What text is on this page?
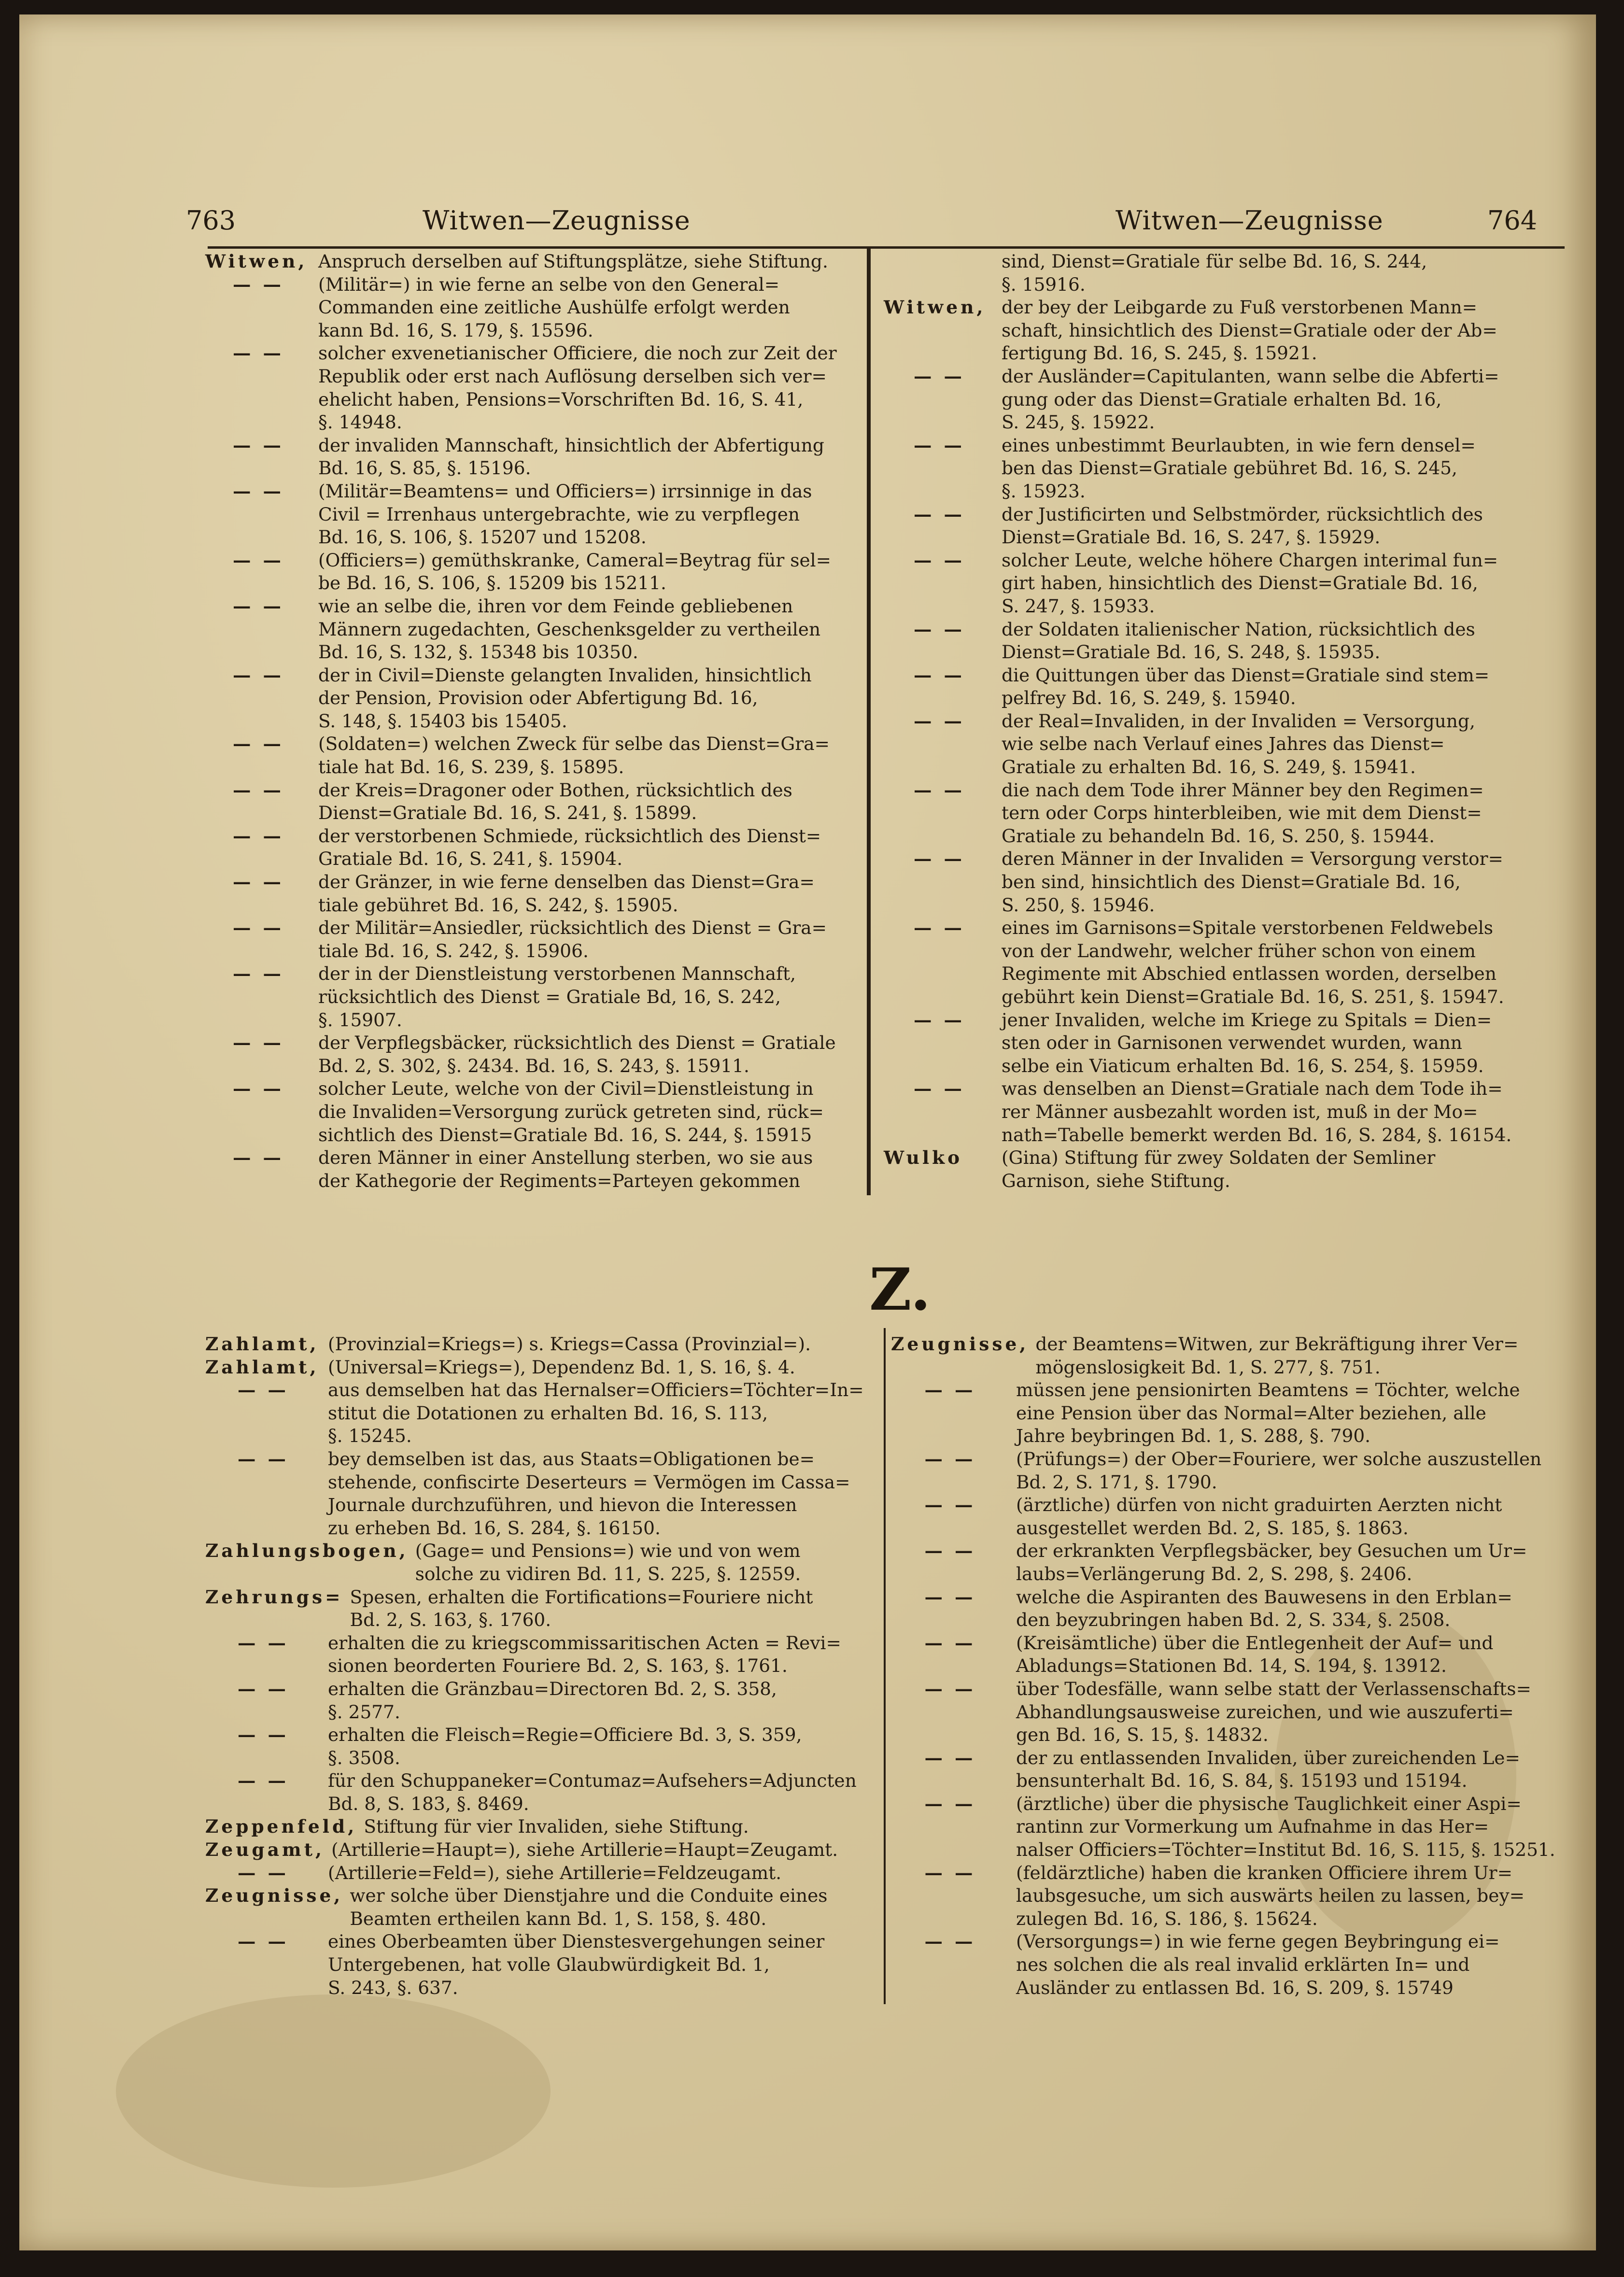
763	Witwen—Zeugnisse	Witwen—Zeugnisse	764
Witwen, Anspruch derselben auf Stiftungsplätze, siehe Stiftung.
— —	(Militär=) in wie ferne an selbe von den General=
Commanden eine zeitliche Aushülfe erfolgt werden
kann Bd. 16, S. 179, §. 15596.
— —	solcher exvenetianischer Officiere, die noch zur Zeit der
Republik oder erst nach Auflösung derselben sich ver=
ehelicht haben, Pensions=Vorschriften Bd. 16, S. 41,
§. 14948.
— —	der invaliden Mannschaft, hinsichtlich der Abfertigung
Bd. 16, S. 85, §. 15196.
— —	(Militär=Beamtens= und Officiers=) irrsinnige in das
Civil = Irrenhaus untergebrachte, wie zu verpflegen
Bd. 16, S. 106, §. 15207 und 15208.
— —	(Officiers=) gemüthskranke, Cameral=Beytrag für sel=
be Bd. 16, S. 106, §. 15209 bis 15211.
— —	wie an selbe die, ihren vor dem Feinde gebliebenen
Männern zugedachten, Geschenksgelder zu vertheilen
Bd. 16, S. 132, §. 15348 bis 10350.
— —	der in Civil=Dienste gelangten Invaliden, hinsichtlich
der Pension, Provision oder Abfertigung Bd. 16,
S. 148, §. 15403 bis 15405.
— —	(Soldaten=) welchen Zweck für selbe das Dienst=Gra=
tiale hat Bd. 16, S. 239, §. 15895.
— —	der Kreis=Dragoner oder Bothen, rücksichtlich des
Dienst=Gratiale Bd. 16, S. 241, §. 15899.
— —	der verstorbenen Schmiede, rücksichtlich des Dienst=
Gratiale Bd. 16, S. 241, §. 15904.
— —	der Gränzer, in wie ferne denselben das Dienst=Gra=
tiale gebühret Bd. 16, S. 242, §. 15905.
— —	der Militär=Ansiedler, rücksichtlich des Dienst = Gra=
tiale Bd. 16, S. 242, §. 15906.
— —	der in der Dienstleistung verstorbenen Mannschaft,
rücksichtlich des Dienst = Gratiale Bd, 16, S. 242,
§. 15907.
— —	der Verpflegsbäcker, rücksichtlich des Dienst = Gratiale
Bd. 2, S. 302, §. 2434. Bd. 16, S. 243, §. 15911.
— —	solcher Leute, welche von der Civil=Dienstleistung in
die Invaliden=Versorgung zurück getreten sind, rück=
sichtlich des Dienst=Gratiale Bd. 16, S. 244, §. 15915
— —	deren Männer in einer Anstellung sterben, wo sie aus
der Kathegorie der Regiments=Parteyen gekommen
sind, Dienst=Gratiale für selbe Bd. 16, S. 244,
§. 15916.
Witwen, der bey der Leibgarde zu Fuß verstorbenen Mann=
schaft, hinsichtlich des Dienst=Gratiale oder der Ab=
fertigung Bd. 16, S. 245, §. 15921.
— —	der Ausländer=Capitulanten, wann selbe die Abferti=
gung oder das Dienst=Gratiale erhalten Bd. 16,
S. 245, §. 15922.
— —	eines unbestimmt Beurlaubten, in wie fern densel=
ben das Dienst=Gratiale gebühret Bd. 16, S. 245,
§. 15923.
— —	der Justificirten und Selbstmörder, rücksichtlich des
Dienst=Gratiale Bd. 16, S. 247, §. 15929.
— —	solcher Leute, welche höhere Chargen interimal fun=
girt haben, hinsichtlich des Dienst=Gratiale Bd. 16,
S. 247, §. 15933.
— —	der Soldaten italienischer Nation, rücksichtlich des
Dienst=Gratiale Bd. 16, S. 248, §. 15935.
— —	die Quittungen über das Dienst=Gratiale sind stem=
pelfrey Bd. 16, S. 249, §. 15940.
— —	der Real=Invaliden, in der Invaliden = Versorgung,
wie selbe nach Verlauf eines Jahres das Dienst=
Gratiale zu erhalten Bd. 16, S. 249, §. 15941.
— —	die nach dem Tode ihrer Männer bey den Regimen=
tern oder Corps hinterbleiben, wie mit dem Dienst=
Gratiale zu behandeln Bd. 16, S. 250, §. 15944.
— —	deren Männer in der Invaliden = Versorgung verstor=
ben sind, hinsichtlich des Dienst=Gratiale Bd. 16,
S. 250, §. 15946.
— —	eines im Garnisons=Spitale verstorbenen Feldwebels
von der Landwehr, welcher früher schon von einem
Regimente mit Abschied entlassen worden, derselben
gebührt kein Dienst=Gratiale Bd. 16, S. 251, §. 15947.
— —	jener Invaliden, welche im Kriege zu Spitals = Dien=
sten oder in Garnisonen verwendet wurden, wann
selbe ein Viaticum erhalten Bd. 16, S. 254, §. 15959.
— —	was denselben an Dienst=Gratiale nach dem Tode ih=
rer Männer ausbezahlt worden ist, muß in der Mo=
nath=Tabelle bemerkt werden Bd. 16, S. 284, §. 16154.
Wulko	(Gina) Stiftung für zwey Soldaten der Semliner
Garnison, siehe Stiftung.
Z.
Zahlamt, (Provinzial=Kriegs=) s. Kriegs=Cassa (Provinzial=).
Zahlamt, (Universal=Kriegs=), Dependenz Bd. 1, S. 16, §. 4.
— —	aus demselben hat das Hernalser=Officiers=Töchter=In=
stitut die Dotationen zu erhalten Bd. 16, S. 113,
§. 15245.
— —	bey demselben ist das, aus Staats=Obligationen be=
stehende, confiscirte Deserteurs = Vermögen im Cassa=
Journale durchzuführen, und hievon die Interessen
zu erheben Bd. 16, S. 284, §. 16150.
Zahlungsbogen, (Gage= und Pensions=) wie und von wem
solche zu vidiren Bd. 11, S. 225, §. 12559.
Zehrungs= Spesen, erhalten die Fortifications=Fouriere nicht
Bd. 2, S. 163, §. 1760.
— —	erhalten die zu kriegscommissaritischen Acten = Revi=
sionen beorderten Fouriere Bd. 2, S. 163, §. 1761.
— —	erhalten die Gränzbau=Directoren Bd. 2, S. 358,
§. 2577.
— —	erhalten die Fleisch=Regie=Officiere Bd. 3, S. 359,
§. 3508.
— —	für den Schuppaneker=Contumaz=Aufsehers=Adjuncten
Bd. 8, S. 183, §. 8469.
Zeppenfeld, Stiftung für vier Invaliden, siehe Stiftung.
Zeugamt, (Artillerie=Haupt=), siehe Artillerie=Haupt=Zeugamt.
— —	(Artillerie=Feld=), siehe Artillerie=Feldzeugamt.
Zeugnisse, wer solche über Dienstjahre und die Conduite eines
Beamten ertheilen kann Bd. 1, S. 158, §. 480.
— —	eines Oberbeamten über Dienstesvergehungen seiner
Untergebenen, hat volle Glaubwürdigkeit Bd. 1,
S. 243, §. 637.
Zeugnisse, der Beamtens=Witwen, zur Bekräftigung ihrer Ver=
mögenslosigkeit Bd. 1, S. 277, §. 751.
— —	müssen jene pensionirten Beamtens = Töchter, welche
eine Pension über das Normal=Alter beziehen, alle
Jahre beybringen Bd. 1, S. 288, §. 790.
— —	(Prüfungs=) der Ober=Fouriere, wer solche auszustellen
Bd. 2, S. 171, §. 1790.
— —	(ärztliche) dürfen von nicht graduirten Aerzten nicht
ausgestellet werden Bd. 2, S. 185, §. 1863.
— —	der erkrankten Verpflegsbäcker, bey Gesuchen um Ur=
laubs=Verlängerung Bd. 2, S. 298, §. 2406.
— —	welche die Aspiranten des Bauwesens in den Erblan=
den beyzubringen haben Bd. 2, S. 334, §. 2508.
— —	(Kreisämtliche) über die Entlegenheit der Auf= und
Abladungs=Stationen Bd. 14, S. 194, §. 13912.
— —	über Todesfälle, wann selbe statt der Verlassenschafts=
Abhandlungsausweise zureichen, und wie auszuferti=
gen Bd. 16, S. 15, §. 14832.
— —	der zu entlassenden Invaliden, über zureichenden Le=
bensunterhalt Bd. 16, S. 84, §. 15193 und 15194.
— —	(ärztliche) über die physische Tauglichkeit einer Aspi=
rantinn zur Vormerkung um Aufnahme in das Her=
nalser Officiers=Töchter=Institut Bd. 16, S. 115, §. 15251.
— —	(feldärztliche) haben die kranken Officiere ihrem Ur=
laubsgesuche, um sich auswärts heilen zu lassen, bey=
zulegen Bd. 16, S. 186, §. 15624.
— —	(Versorgungs=) in wie ferne gegen Beybringung ei=
nes solchen die als real invalid erklärten In= und
Ausländer zu entlassen Bd. 16, S. 209, §. 15749
